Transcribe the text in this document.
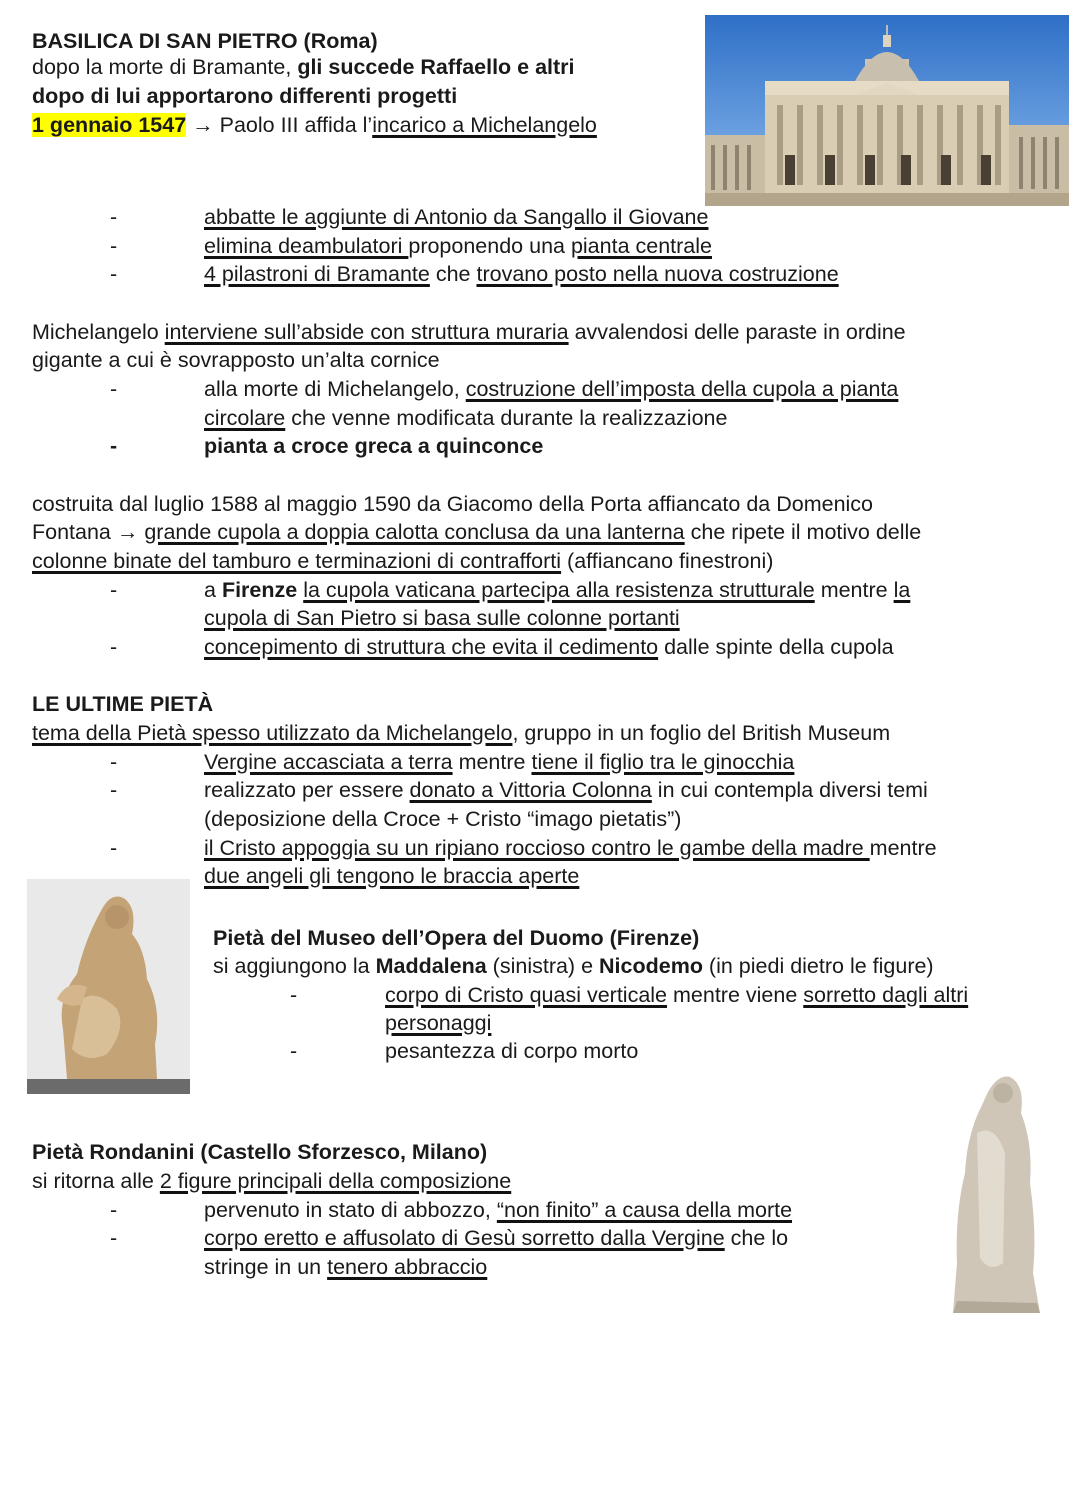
BASILICA DI SAN PIETRO (Roma)
dopo la morte di Bramante, gli succede Raffaello e altri
dopo di lui apportarono differenti progetti
1 gennaio 1547 → Paolo III affida l’incarico a Michelangelo
-	abbatte le aggiunte di Antonio da Sangallo il Giovane
-	elimina deambulatori proponendo una pianta centrale
-	4 pilastroni di Bramante che trovano posto nella nuova costruzione
Michelangelo interviene sull’abside con struttura muraria avvalendosi delle paraste in ordine
gigante a cui è sovrapposto un’alta cornice
-	alla morte di Michelangelo, costruzione dell’imposta della cupola a pianta
circolare che venne modificata durante la realizzazione
-	pianta a croce greca a quinconce
costruita dal luglio 1588 al maggio 1590 da Giacomo della Porta affiancato da Domenico
Fontana → grande cupola a doppia calotta conclusa da una lanterna che ripete il motivo delle
colonne binate del tamburo e terminazioni di contrafforti (affiancano finestroni)
-	a Firenze la cupola vaticana partecipa alla resistenza strutturale mentre la
cupola di San Pietro si basa sulle colonne portanti
-	concepimento di struttura che evita il cedimento dalle spinte della cupola
LE ULTIME PIETÀ
tema della Pietà spesso utilizzato da Michelangelo, gruppo in un foglio del British Museum
-	Vergine accasciata a terra mentre tiene il figlio tra le ginocchia
-	realizzato per essere donato a Vittoria Colonna in cui contempla diversi temi
(deposizione della Croce + Cristo “imago pietatis”)
-	il Cristo appoggia su un ripiano roccioso contro le gambe della madre mentre
due angeli gli tengono le braccia aperte
Pietà del Museo dell’Opera del Duomo (Firenze)
si aggiungono la Maddalena (sinistra) e Nicodemo (in piedi dietro le figure)
-	corpo di Cristo quasi verticale mentre viene sorretto dagli altri
personaggi
-	pesantezza di corpo morto
Pietà Rondanini (Castello Sforzesco, Milano)
si ritorna alle 2 figure principali della composizione
-	pervenuto in stato di abbozzo, “non finito” a causa della morte
-	corpo eretto e affusolato di Gesù sorretto dalla Vergine che lo
stringe in un tenero abbraccio
